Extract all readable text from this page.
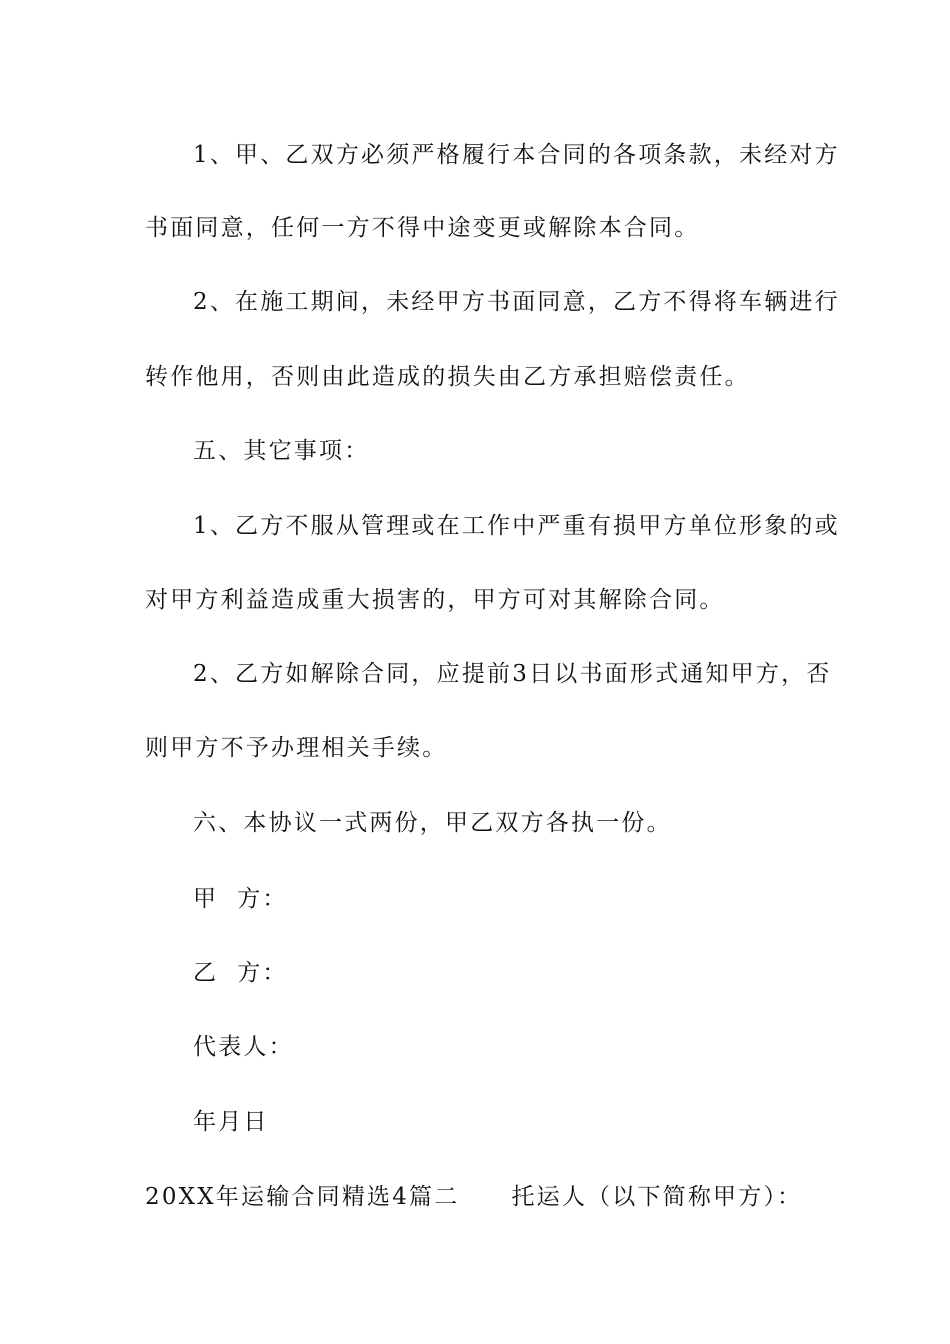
1、甲、乙双方必须严格履行本合同的各项条款，未经对方
书面同意，任何一方不得中途变更或解除本合同。
2、在施工期间，未经甲方书面同意，乙方不得将车辆进行
转作他用，否则由此造成的损失由乙方承担赔偿责任。
五、其它事项：
1、乙方不服从管理或在工作中严重有损甲方单位形象的或
对甲方利益造成重大损害的，甲方可对其解除合同。
2、乙方如解除合同，应提前3日以书面形式通知甲方，否
则甲方不予办理相关手续。
六、本协议一式两份，甲乙双方各执一份。
甲  方：
乙  方：
代表人：
年月日
20XX年运输合同精选4篇二 托运人（以下简称甲方）：
